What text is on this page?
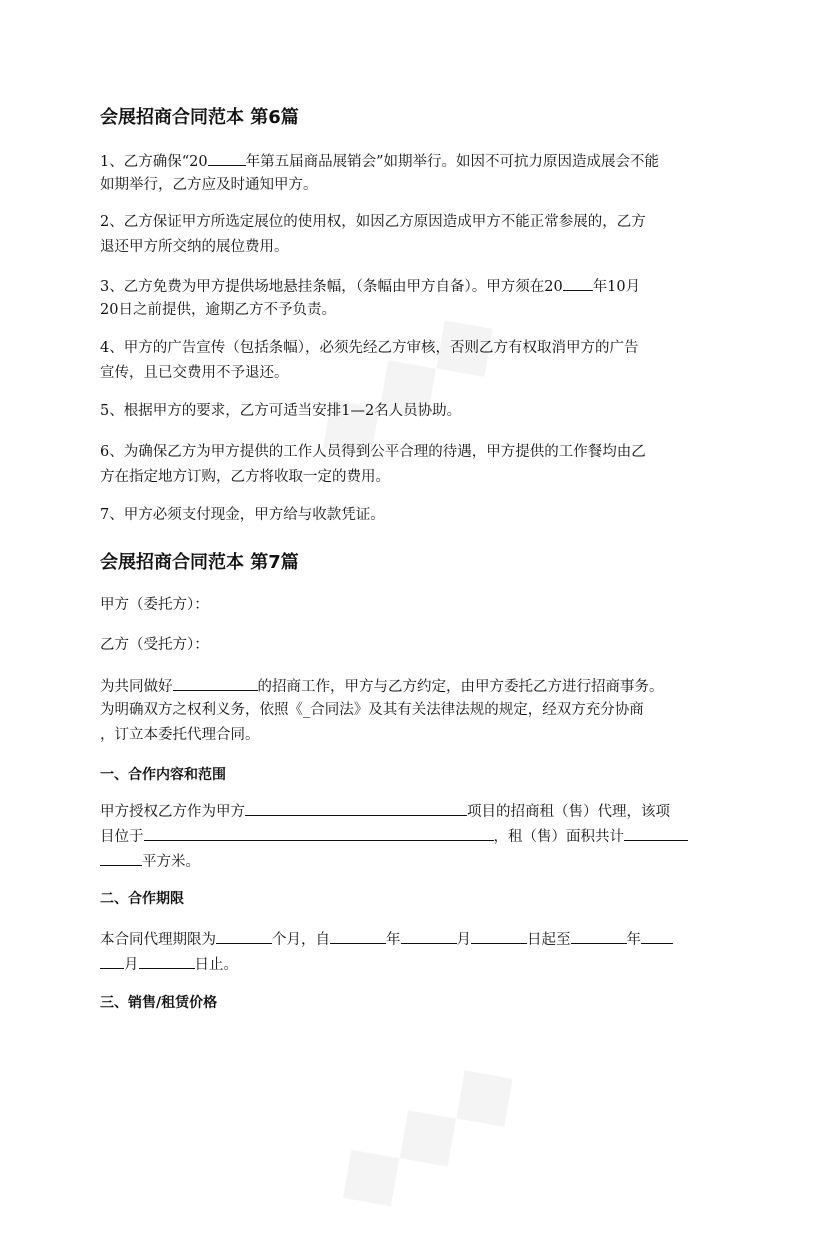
会展招商合同范本 第6篇
1、乙方确保“20	年第五届商品展销会”如期举行。如因不可抗力原因造成展会不能
如期举行，乙方应及时通知甲方。
2、乙方保证甲方所选定展位的使用权，如因乙方原因造成甲方不能正常参展的，乙方
退还甲方所交纳的展位费用。
3、乙方免费为甲方提供场地悬挂条幅，（条幅由甲方自备）。甲方须在20 年10月
20日之前提供，逾期乙方不予负责。
4、甲方的广告宣传（包括条幅），必须先经乙方审核，否则乙方有权取消甲方的广告
宣传，且已交费用不予退还。
5、根据甲方的要求，乙方可适当安排1—2名人员协助。
6、为确保乙方为甲方提供的工作人员得到公平合理的待遇，甲方提供的工作餐均由乙
方在指定地方订购，乙方将收取一定的费用。
7、甲方必须支付现金，甲方给与收款凭证。
会展招商合同范本 第7篇
甲方（委托方）：
乙方（受托方）：
为共同做好	的招商工作，甲方与乙方约定，由甲方委托乙方进行招商事务。
为明确双方之权利义务，依照《_合同法》及其有关法律法规的规定，经双方充分协商
，订立本委托代理合同。
一、合作内容和范围
甲方授权乙方作为甲方	项目的招商租（售）代理，该项
目位于	，租（售）面积共计
平方米。
二、合作期限
本合同代理期限为	个月，自	年	月	日起至	年
月	日止。
三、销售/租赁价格
